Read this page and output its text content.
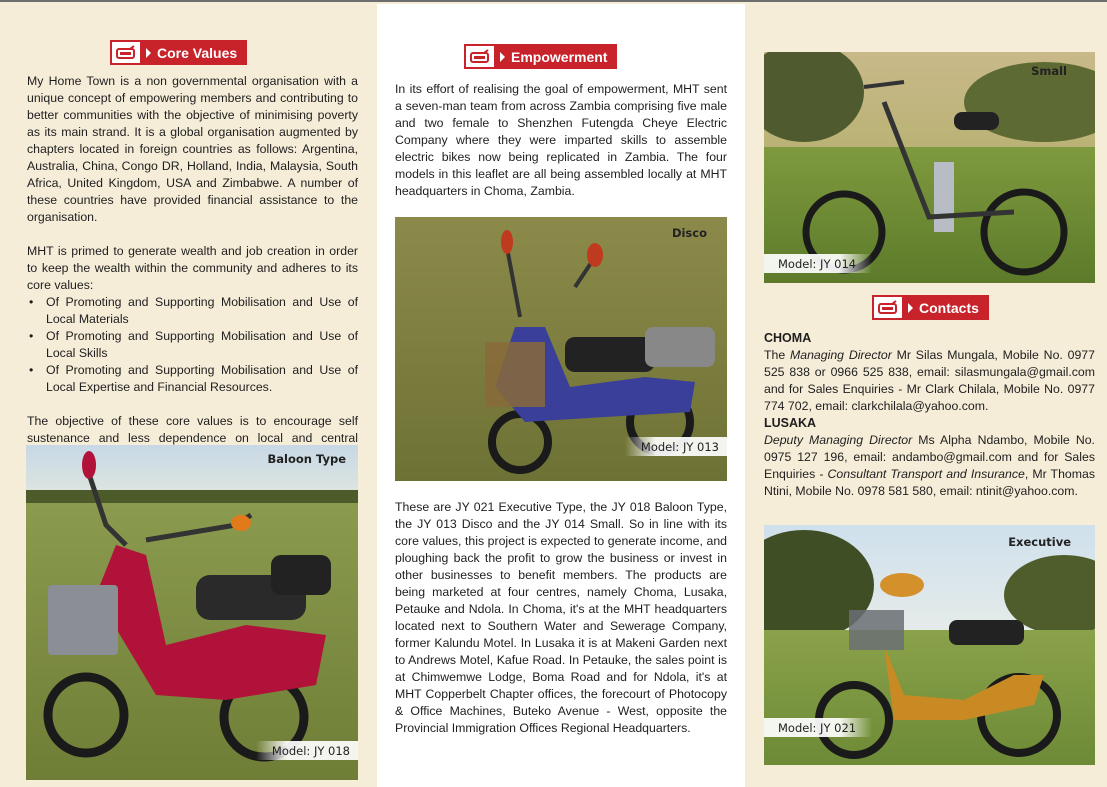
Core Values

My Home Town is a non governmental organisation with a unique concept of empowering members and contributing to better communities with the objective of minimising poverty as its main strand. It is a global organisation augmented by chapters located in foreign countries as follows: Argentina, Australia, China, Congo DR, Holland, India, Malaysia, South Africa, United Kingdom, USA and Zimbabwe. A number of these countries have provided financial assistance to the organisation.

MHT is primed to generate wealth and job creation in order to keep the wealth within the community and adheres to its core values:

• Of Promoting and Supporting Mobilisation and Use of Local Materials
• Of Promoting and Supporting Mobilisation and Use of Local Skills
• Of Promoting and Supporting Mobilisation and Use of Local Expertise and Financial Resources.

The objective of these core values is to encourage self sustenance and less dependence on local and central

Baloon Type
Model: JY 018
Empowerment
In its effort of realising the goal of empowerment, MHT sent a seven-man team from across Zambia comprising five male and two female to Shenzhen Futengda Cheye Electric Company where they were imparted skills to assemble electric bikes now being replicated in Zambia. The four models in this leaflet are all being assembled locally at MHT headquarters in Choma, Zambia.
Disco
Model: JY 013
These are JY 021 Executive Type, the JY 018 Baloon Type, the JY 013 Disco and the JY 014 Small. So in line with its core values, this project is expected to generate income, and ploughing back the profit to grow the business or invest in other businesses to benefit members. The products are being marketed at four centres, namely Choma, Lusaka, Petauke and Ndola. In Choma, it's at the MHT headquarters located next to Southern Water and Sewerage Company, former Kalundu Motel. In Lusaka it is at Makeni Garden next to Andrews Motel, Kafue Road. In Petauke, the sales point is at Chimwemwe Lodge, Boma Road and for Ndola, it's at MHT Copperbelt Chapter offices, the forecourt of Photocopy & Office Machines, Buteko Avenue - West, opposite the Provincial Immigration Offices Regional Headquarters.
Small
Model: JY 014
Contacts
CHOMA

The Managing Director Mr Silas Mungala, Mobile No. 0977 525 838 or 0966 525 838, email: silasmungala@gmail.com and for Sales Enquiries - Mr Clark Chilala, Mobile No. 0977 774 702, email: clarkchilala@yahoo.com.

LUSAKA

Deputy Managing Director Ms Alpha Ndambo, Mobile No. 0975 127 196, email: andambo@gmail.com and for Sales Enquiries - Consultant Transport and Insurance, Mr Thomas Ntini, Mobile No. 0978 581 580, email: ntinit@yahoo.com.

Executive
Model: JY 021
